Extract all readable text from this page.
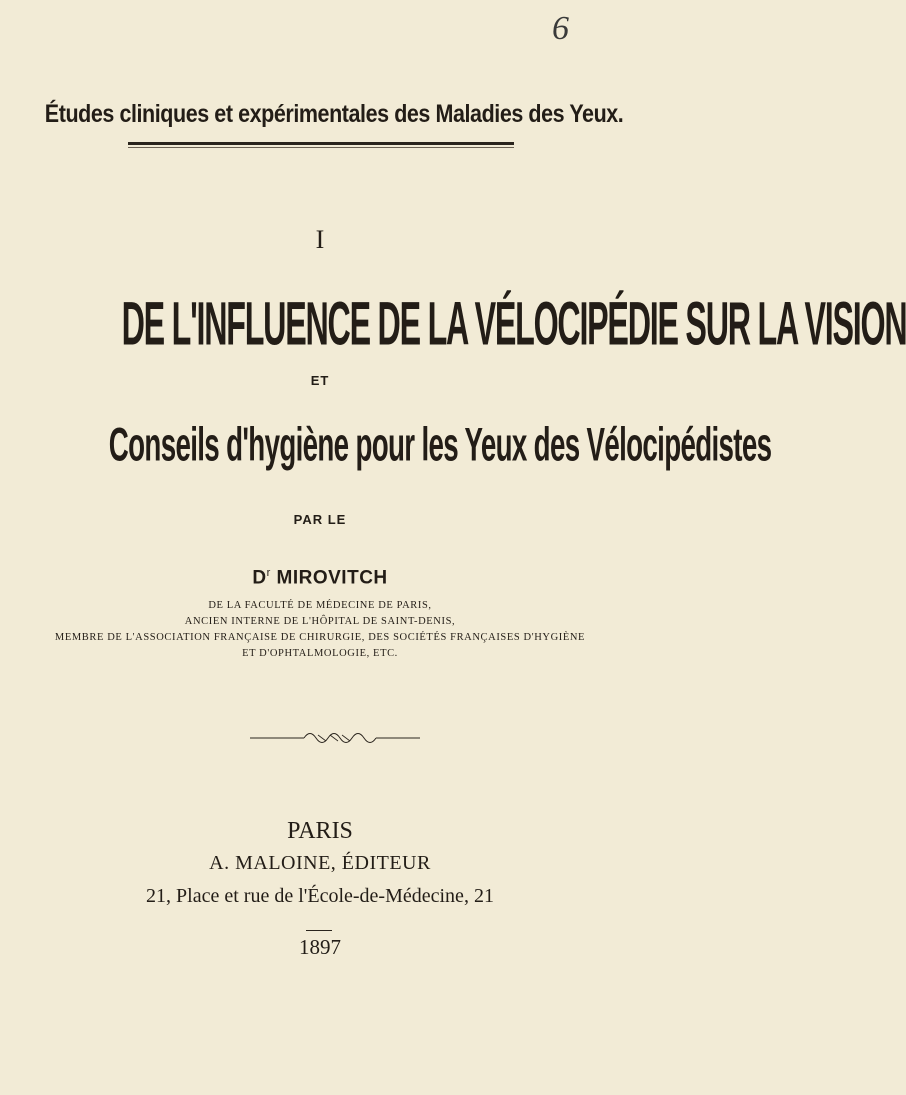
6
Études cliniques et expérimentales des Maladies des Yeux.
I
DE L'INFLUENCE DE LA VÉLOCIPÉDIE SUR LA VISION
ET
Conseils d'hygiène pour les Yeux des Vélocipédistes
PAR LE
$D^r$ MIROVITCH
DE LA FACULTÉ DE MÉDECINE DE PARIS,
ANCIEN INTERNE DE L'HÔPITAL DE SAINT-DENIS,
MEMBRE DE L'ASSOCIATION FRANÇAISE DE CHIRURGIE, DES SOCIÉTÉS FRANÇAISES D'HYGIÈNE
ET D'OPHTALMOLOGIE, ETC.
PARIS
A. MALOINE, ÉDITEUR
21, Place et rue de l'École-de-Médecine, 21
1897
